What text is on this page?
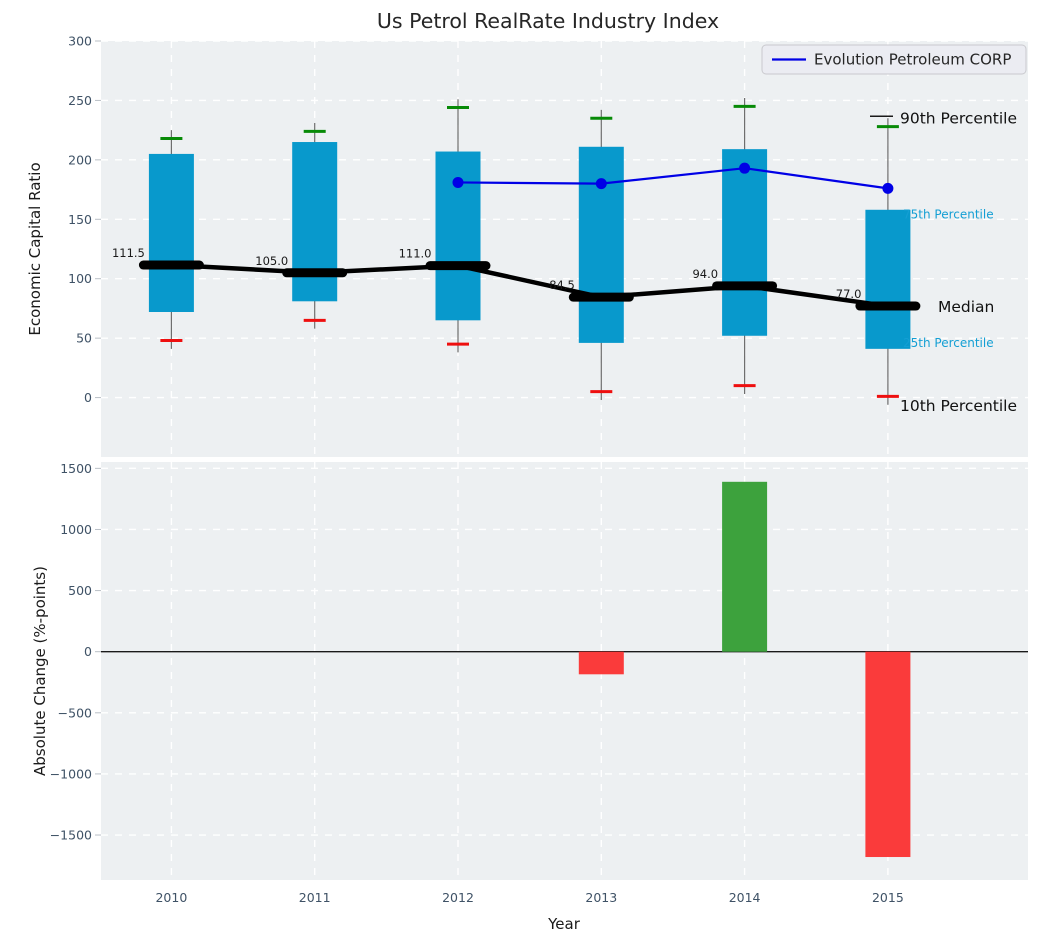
0
50
100
150
200
250
300
111.5
105.0
111.0
84.5
94.0
77.0
90th Percentile
75th Percentile
Median
25th Percentile
10th Percentile
−1500
−1000
−500
0
500
1000
1500
2010	2011	2012	2013	2014	2015
Us Petrol RealRate Industry Index
Economic Capital Ratio
Absolute Change (%-points)
Year
Evolution Petroleum CORP
